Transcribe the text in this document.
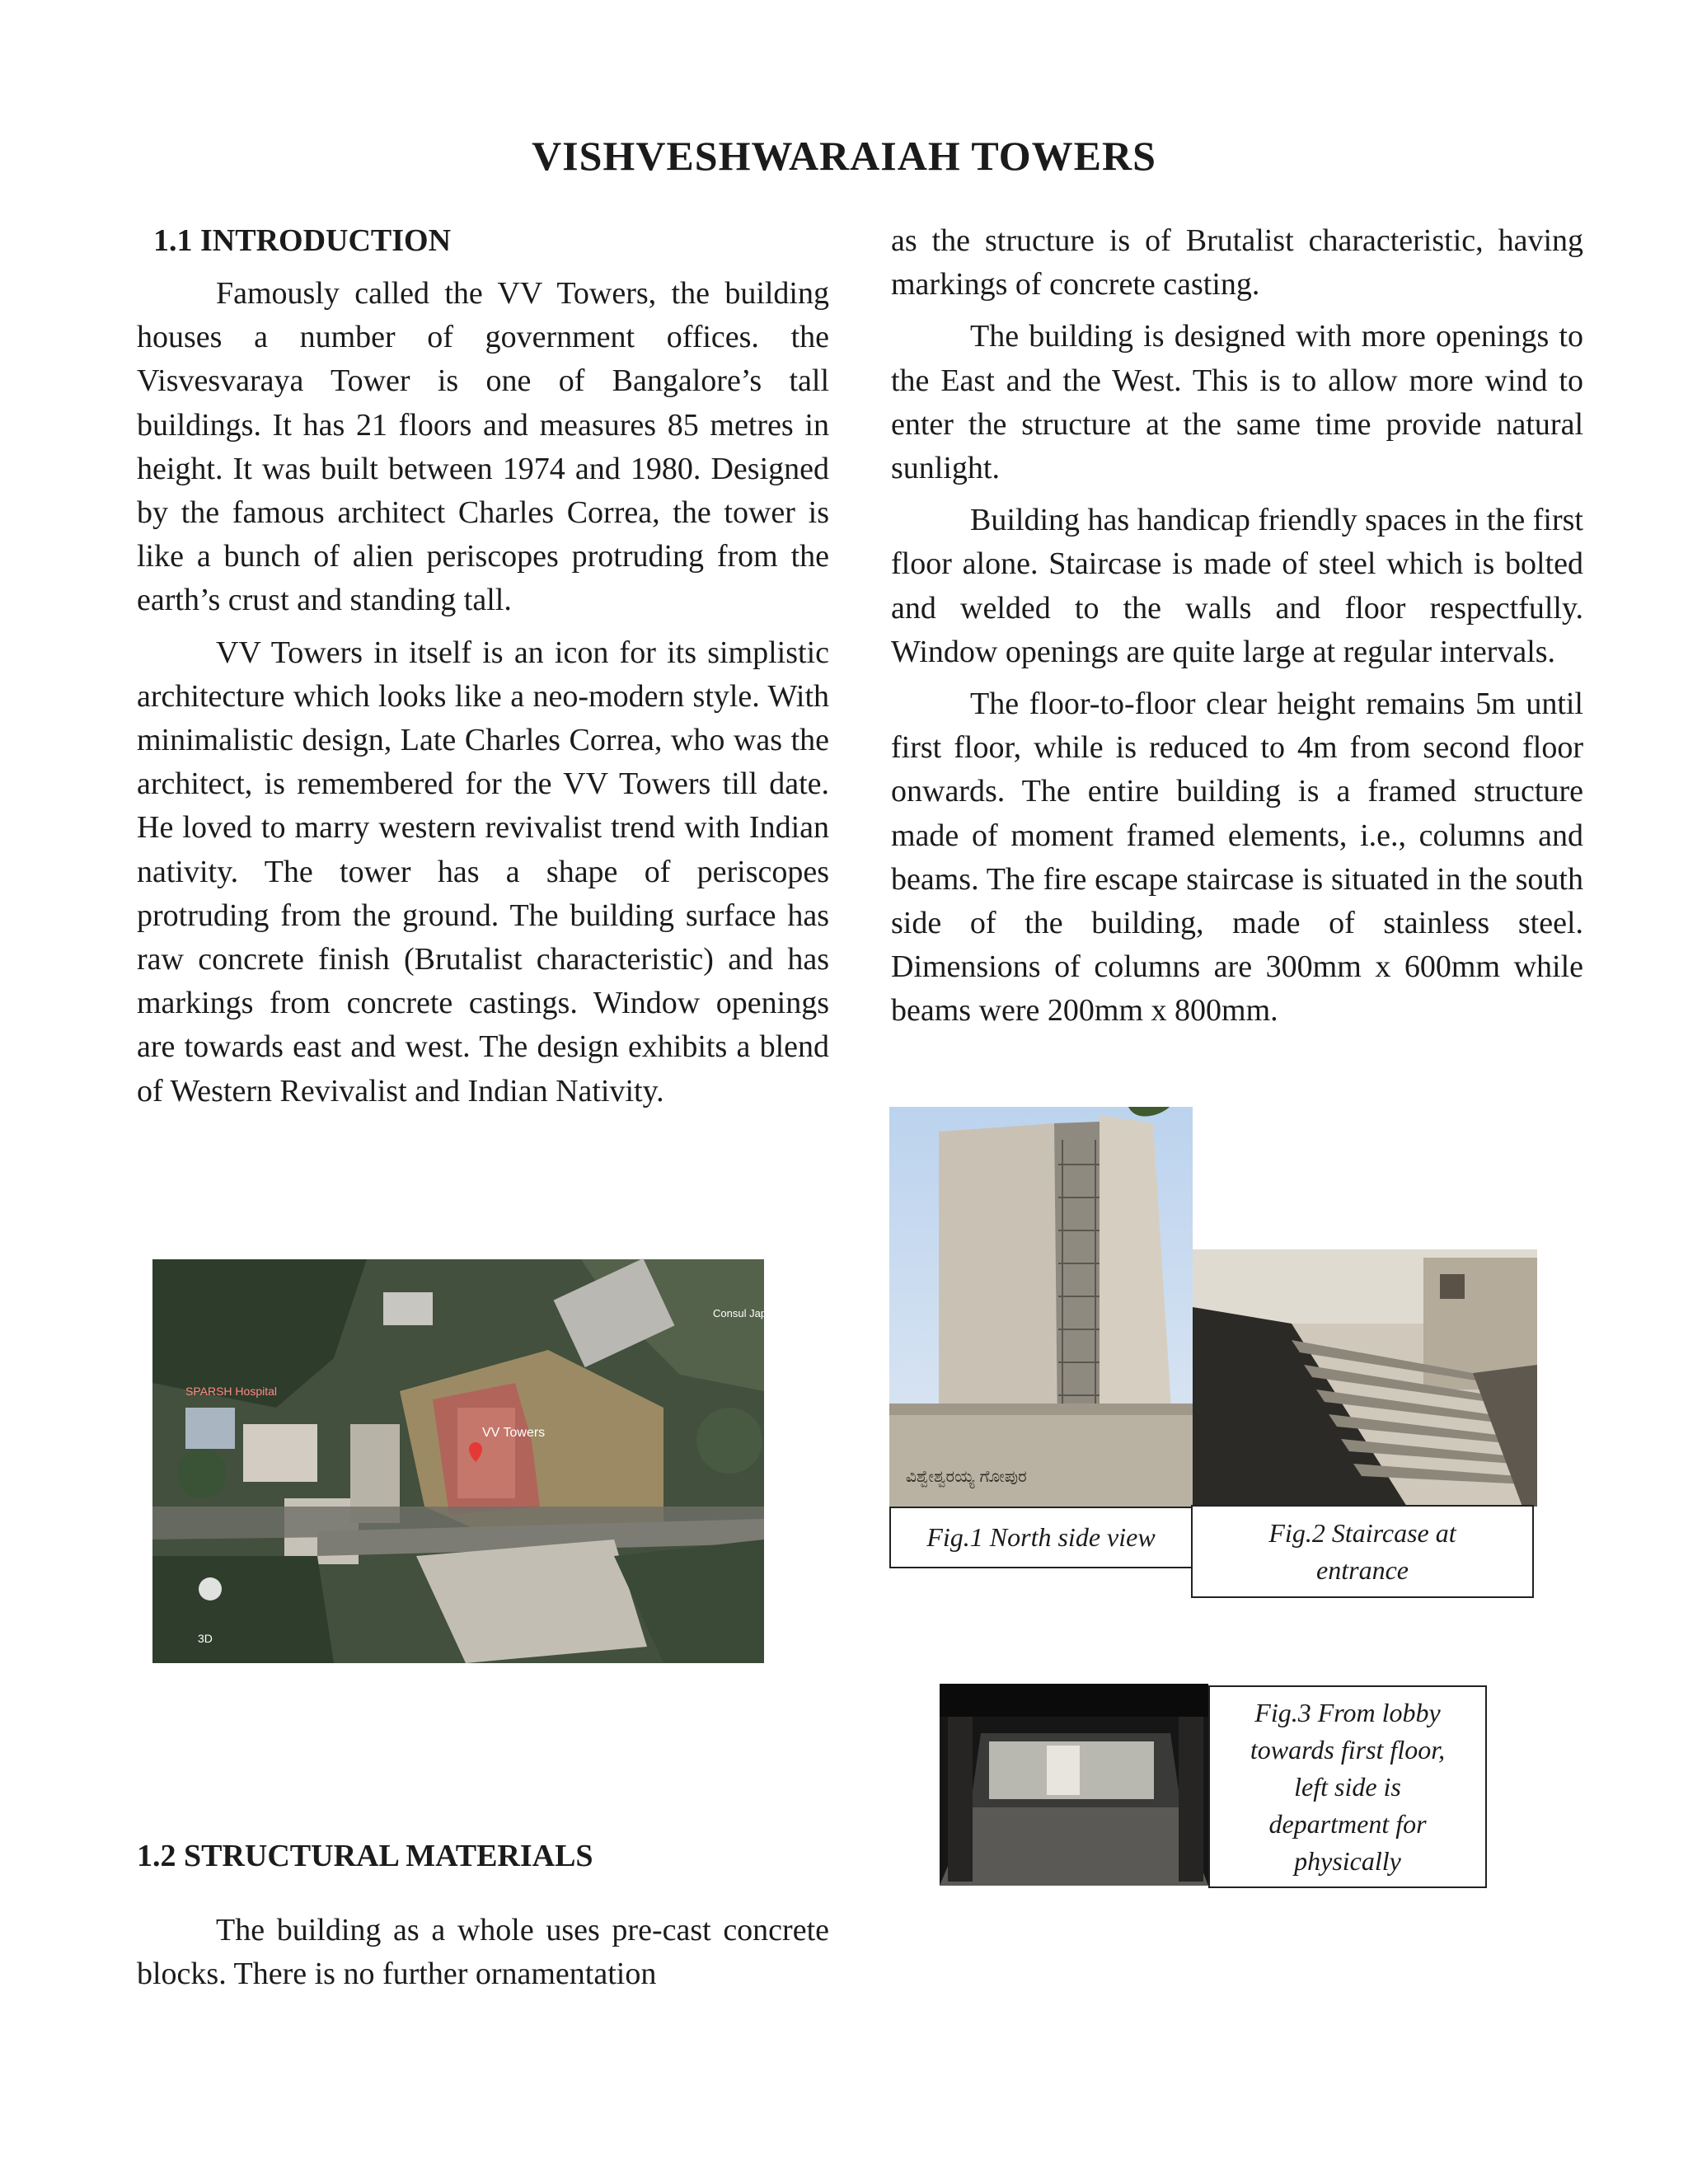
VISHVESHWARAIAH TOWERS
1.1 INTRODUCTION

Famously called the VV Towers, the building houses a number of government offices. the Visvesvaraya Tower is one of Bangalore’s tall buildings. It has 21 floors and measures 85 metres in height. It was built between 1974 and 1980. Designed by the famous architect Charles Correa, the tower is like a bunch of alien periscopes protruding from the earth’s crust and standing tall.

VV Towers in itself is an icon for its simplistic architecture which looks like a neo-modern style. With minimalistic design, Late Charles Correa, who was the architect, is remembered for the VV Towers till date. He loved to marry western revivalist trend with Indian nativity. The tower has a shape of periscopes protruding from the ground. The building surface has raw concrete finish (Brutalist characteristic) and has markings from concrete castings. Window openings are towards east and west. The design exhibits a blend of Western Revivalist and Indian Nativity.

VV Towers
SPARSH Hospital
Consul Japan
3D
1.2 STRUCTURAL MATERIALS

The building as a whole uses pre-cast concrete blocks. There is no further ornamentation

as the structure is of Brutalist characteristic, having markings of concrete casting.

The building is designed with more openings to the East and the West. This is to allow more wind to enter the structure at the same time provide natural sunlight.

Building has handicap friendly spaces in the first floor alone. Staircase is made of steel which is bolted and welded to the walls and floor respectfully. Window openings are quite large at regular intervals.

The floor-to-floor clear height remains 5m until first floor, while is reduced to 4m from second floor onwards. The entire building is a framed structure made of moment framed elements, i.e., columns and beams. The fire escape staircase is situated in the south side of the building, made of stainless steel. Dimensions of columns are 300mm x 600mm while beams were 200mm x 800mm.

ವಿಶ್ವೇಶ್ವರಯ್ಯ ಗೋಪುರ
Fig.1 North side view	Fig.2 Staircase at entrance
Fig.3 From lobby
towards first floor,
left side is
department for
physically
